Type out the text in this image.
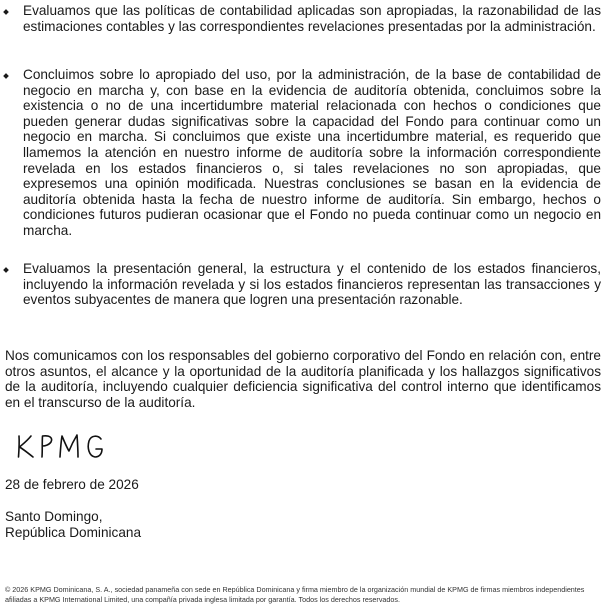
Evaluamos que las políticas de contabilidad aplicadas son apropiadas, la razonabilidad de las estimaciones contables y las correspondientes revelaciones presentadas por la administración.

Concluimos sobre lo apropiado del uso, por la administración, de la base de contabilidad de negocio en marcha y, con base en la evidencia de auditoría obtenida, concluimos sobre la existencia o no de una incertidumbre material relacionada con hechos o condiciones que pueden generar dudas significativas sobre la capacidad del Fondo para continuar como un negocio en marcha. Si concluimos que existe una incertidumbre material, es requerido que llamemos la atención en nuestro informe de auditoría sobre la información correspondiente revelada en los estados financieros o, si tales revelaciones no son apropiadas, que expresemos una opinión modificada. Nuestras conclusiones se basan en la evidencia de auditoría obtenida hasta la fecha de nuestro informe de auditoría. Sin embargo, hechos o condiciones futuros pudieran ocasionar que el Fondo no pueda continuar como un negocio en marcha.

Evaluamos la presentación general, la estructura y el contenido de los estados financieros, incluyendo la información revelada y si los estados financieros representan las transacciones y eventos subyacentes de manera que logren una presentación razonable.

Nos comunicamos con los responsables del gobierno corporativo del Fondo en relación con, entre otros asuntos, el alcance y la oportunidad de la auditoría planificada y los hallazgos significativos de la auditoría, incluyendo cualquier deficiencia significativa del control interno que identificamos en el transcurso de la auditoría.

28 de febrero de 2026

Santo Domingo,
República Dominicana

© 2026 KPMG Dominicana, S. A., sociedad panameña con sede en República Dominicana y firma miembro de la organización mundial de KPMG de firmas miembros independientes afiliadas a KPMG International Limited, una compañía privada inglesa limitada por garantía. Todos los derechos reservados.
